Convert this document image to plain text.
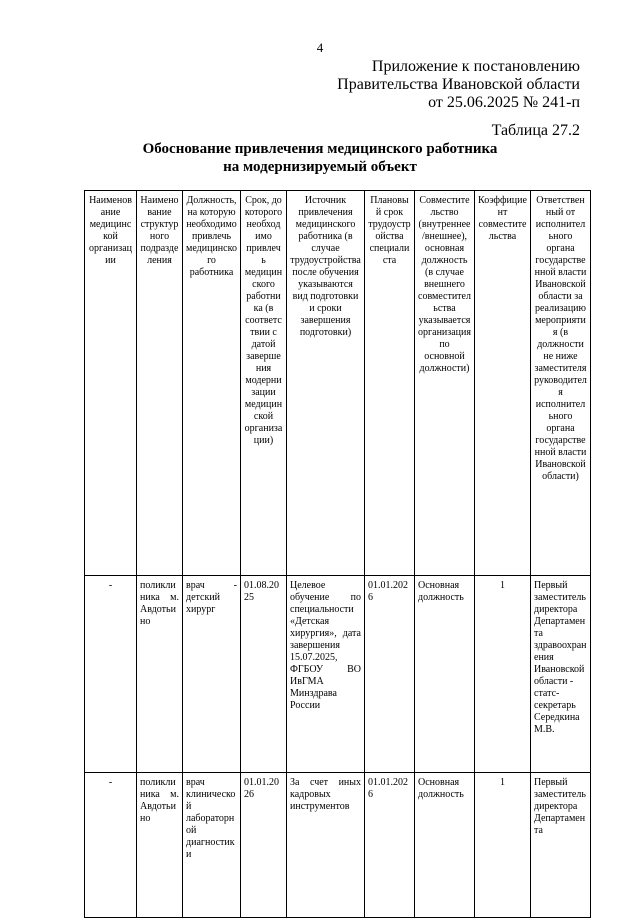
4
Приложение к постановлению
Правительства Ивановской области
от 25.06.2025 № 241-п
Таблица 27.2
Обоснование привлечения медицинского работника
на модернизируемый объект
Наименование медицинской организации	Наименование структурного подразделения	Должность, на которую необходимо привлечь медицинского работника	Срок, до которого необходимо привлечь медицинского работника (в соответствии с датой завершения модернизации медицинской организации)	Источник привлечения медицинского работника (в случае трудоустройства после обучения указываются вид подготовки и сроки завершения подготовки)	Плановый срок трудоустройства специалиста	Совместительство (внутреннее/внешнее), основная должность (в случае внешнего совместительства указывается организация по основной должности)	Коэффициент совместительства	Ответственный от исполнительного органа государственной власти Ивановской области за реализацию мероприятия (в должности не ниже заместителя руководителя исполнительного органа государственной власти Ивановской области)
-	поликлиника м. Авдотьино	врач - детский хирург	01.08.2025	Целевое обучение по специальности «Детская хирургия», дата завершения 15.07.2025, ФГБОУ ВО ИвГМА Минздрава России	01.01.2026	Основная должность	1	Первый заместитель директора Департамента здравоохранения Ивановской области - статс-секретарь Середкина М.В.
-	поликлиника м. Авдотьино	врач клинической лабораторной диагностики	01.01.2026	За счет иных кадровых инструментов	01.01.2026	Основная должность	1	Первый заместитель директора Департамента
